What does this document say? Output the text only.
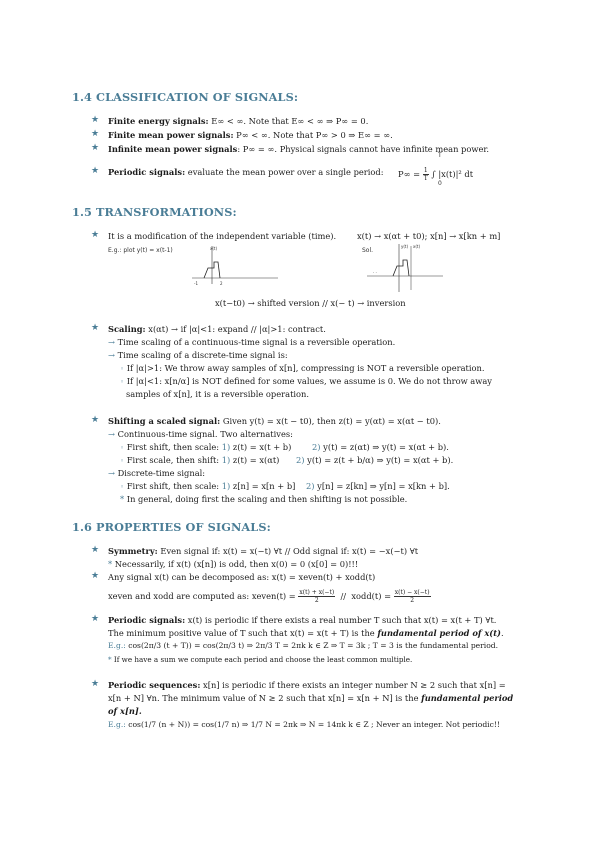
1.4 CLASSIFICATION OF SIGNALS:
★ Finite energy signals: E∞ < ∞. Note that E∞ < ∞ ⇒ P∞ = 0.
★ Finite mean power signals: P∞ < ∞. Note that P∞ > 0 ⇒ E∞ = ∞.
★ Infinite mean power signals: P∞ = ∞. Physical signals cannot have infinite mean power.
★ Periodic signals: evaluate the mean power over a single period: $P\infty = \frac{1}{T}$ ∫ |x(t)|² dt
T
0
1.5 TRANSFORMATIONS:
★ It is a modification of the independent variable (time).	x(t) → x(αt + t0); x[n] → x[kn + m]
E.g.: plot y(t) = x(t-1)	Sol.
x(t)
-1	2
y(t) x(t)
· ·
x(t−t0) → shifted version // x(− t) → inversion
★ Scaling: x(αt) → if |α|<1: expand // |α|>1: contract.
→ Time scaling of a continuous-time signal is a reversible operation.
→ Time scaling of a discrete-time signal is:
◦ If |α|>1: We throw away samples of x[n], compressing is NOT a reversible operation.
◦ If |α|<1: x[n/α] is NOT defined for some values, we assume is 0. We do not throw away
samples of x[n], it is a reversible operation.
★ Shifting a scaled signal: Given y(t) = x(t − t0), then z(t) = y(αt) = x(αt − t0).
→ Continuous-time signal. Two alternatives:
◦ First shift, then scale: 1) z(t) = x(t + b) 2) y(t) = z(αt) ⇒ y(t) = x(αt + b).
◦ First scale, then shift: 1) z(t) = x(αt) 2) y(t) = z(t + b/α) ⇒ y(t) = x(αt + b).
→ Discrete-time signal:
◦ First shift, then scale: 1) z[n] = x[n + b] 2) y[n] = z[kn] ⇒ y[n] = x[kn + b].
* In general, doing first the scaling and then shifting is not possible.
1.6 PROPERTIES OF SIGNALS:
★ Symmetry: Even signal if: x(t) = x(−t) ∀t // Odd signal if: x(t) = −x(−t) ∀t
* Necessarily, if x(t) (x[n]) is odd, then x(0) = 0 (x[0] = 0)!!!
★ Any signal x(t) can be decomposed as: x(t) = xeven(t) + xodd(t)
xeven and xodd are computed as: xeven(t) = $\frac{x(t) + x(-t)}{2}$ // xodd(t) = $\frac{x(t) - x(-t)}{2}$
★ Periodic signals: x(t) is periodic if there exists a real number T such that x(t) = x(t + T) ∀t.
The minimum positive value of T such that x(t) = x(t + T) is the fundamental period of x(t).
E.g.: cos(2π/3 (t + T)) = cos(2π/3 t) ⇒ 2π/3 T = 2πk k ∈ Z ⇒ T = 3k ; T = 3 is the fundamental period.
* If we have a sum we compute each period and choose the least common multiple.
★ Periodic sequences: x[n] is periodic if there exists an integer number N ≥ 2 such that x[n] =
x[n + N] ∀n. The minimum value of N ≥ 2 such that x[n] = x[n + N] is the fundamental period
of x[n].
E.g.: cos(1/7 (n + N)) = cos(1/7 n) ⇒ 1/7 N = 2πk ⇒ N = 14πk k ∈ Z ; Never an integer. Not periodic!!
